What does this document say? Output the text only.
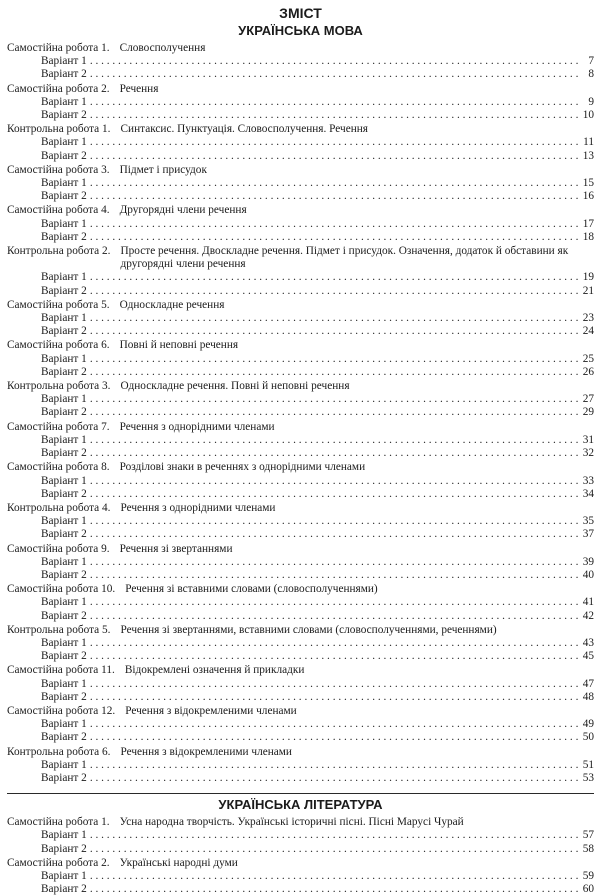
ЗМІСТ
УКРАЇНСЬКА МОВА
Самостійна робота 1. Словосполучення
Варіант 1 . . .	7
Варіант 2 . . .	8
Самостійна робота 2. Речення
Варіант 1 . . .	9
Варіант 2 . . .	10
Контрольна робота 1. Синтаксис. Пунктуація. Словосполучення. Речення
Варіант 1 . . .	11
Варіант 2 . . .	13
Самостійна робота 3. Підмет і присудок
Варіант 1 . . .	15
Варіант 2 . . .	16
Самостійна робота 4. Другорядні члени речення
Варіант 1 . . .	17
Варіант 2 . . .	18
Контрольна робота 2. Просте речення. Двоскладне речення. Підмет і присудок. Означення, додаток й обставини як другорядні члени речення
Варіант 1 . . .	19
Варіант 2 . . .	21
Самостійна робота 5. Односкладне речення
Варіант 1 . . .	23
Варіант 2 . . .	24
Самостійна робота 6. Повні й неповні речення
Варіант 1 . . .	25
Варіант 2 . . .	26
Контрольна робота 3. Односкладне речення. Повні й неповні речення
Варіант 1 . . .	27
Варіант 2 . . .	29
Самостійна робота 7. Речення з однорідними членами
Варіант 1 . . .	31
Варіант 2 . . .	32
Самостійна робота 8. Розділові знаки в реченнях з однорідними членами
Варіант 1 . . .	33
Варіант 2 . . .	34
Контрольна робота 4. Речення з однорідними членами
Варіант 1 . . .	35
Варіант 2 . . .	37
Самостійна робота 9. Речення зі звертаннями
Варіант 1 . . .	39
Варіант 2 . . .	40
Самостійна робота 10. Речення зі вставними словами (словосполученнями)
Варіант 1 . . .	41
Варіант 2 . . .	42
Контрольна робота 5. Речення зі звертаннями, вставними словами (словосполученнями, реченнями)
Варіант 1 . . .	43
Варіант 2 . . .	45
Самостійна робота 11. Відокремлені означення й прикладки
Варіант 1 . . .	47
Варіант 2 . . .	48
Самостійна робота 12. Речення з відокремленими членами
Варіант 1 . . .	49
Варіант 2 . . .	50
Контрольна робота 6. Речення з відокремленими членами
Варіант 1 . . .	51
Варіант 2 . . .	53
УКРАЇНСЬКА ЛІТЕРАТУРА
Самостійна робота 1. Усна народна творчість. Українські історичні пісні. Пісні Марусі Чурай
Варіант 1 . . .	57
Варіант 2 . . .	58
Самостійна робота 2. Українські народні думи
Варіант 1 . . .	59
Варіант 2 . . .	60
